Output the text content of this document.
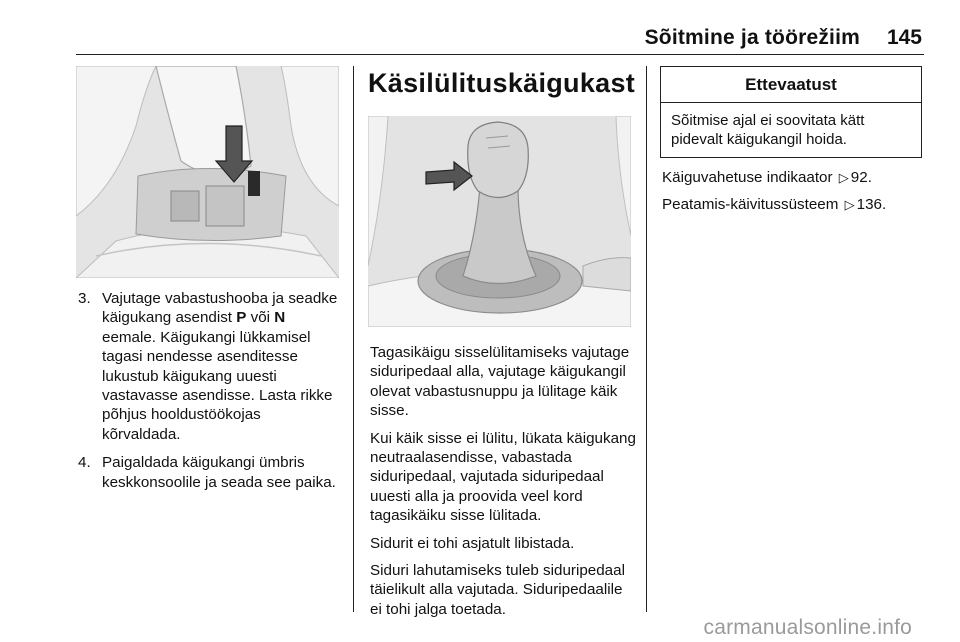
Sõitmine ja töörežiim 145
3. Vajutage vabastushooba ja seadke käigukang asendist P või N eemale. Käigukangi lükkamisel tagasi nendesse asenditesse lukustub käigukang uuesti vastavasse asendisse. Lasta rikke põhjus hooldustöökojas kõrvaldada.
4. Paigaldada käigukangi ümbris keskkonsoolile ja seada see paika.
Käsilülituskäigukast

Tagasikäigu sisselülitamiseks vajutage siduripedaal alla, vajutage käigukangil olevat vabastusnuppu ja lülitage käik sisse.

Kui käik sisse ei lülitu, lükata käigukang neutraalasendisse, vabastada siduripedaal, vajutada siduripedaal uuesti alla ja proovida veel kord tagasikäiku sisse lülitada.

Sidurit ei tohi asjatult libistada.

Siduri lahutamiseks tuleb siduripedaal täielikult alla vajutada. Siduripedaalile ei tohi jalga toetada.

Ettevaatust
Sõitmise ajal ei soovitata kätt pidevalt käigukangil hoida.

Käiguvahetuse indikaator ▷ 92.

Peatamis-käivitussüsteem ▷ 136.

carmanualsonline.info
